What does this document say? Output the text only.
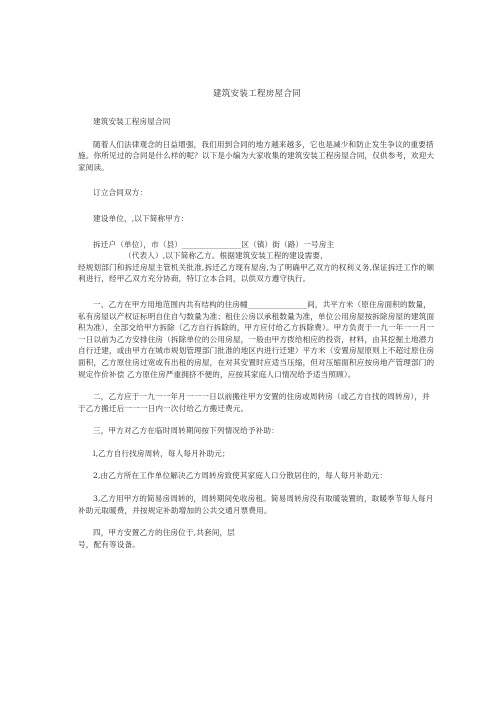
建筑安装工程房屋合同

建筑安装工程房屋合同

随着人们法律观念的日益增强，我们用到合同的地方越来越多，它也是减少和防止发生争议的重要措施。你所见过的合同是什么样的呢？以下是小编为大家收集的建筑安装工程房屋合同，仅供参考，欢迎大家阅读。

订立合同双方：

建设单位，,以下简称甲方：

拆迁户（单位），市（县）_______________区（镇）街（路）一号房主

（代表人）,以下简称乙方。根据建筑安装工程的建设需要，

经规划部门和拆迁房屋主管机关批准,拆迁乙方现有屋房,为了明确甲乙双方的权利义务,保证拆迁工作的顺利进行，经甲乙双方充分协商，特订立本合同，以供双方遵守执行。

一、乙方在甲方用地范围内共有结构的住房幢_______________间，共平方米（原住房面积的数量，私有房屋以产权证标明自住自勺数量为准；租住公房以承租数量为准，单位公用房屋按拆除房屋的建筑面积为准），全部交给甲方拆除（乙方自行拆除的，甲方应付给乙方拆除费）。甲方负责于一九一年一一月一一日以前为乙方安排住房（拆除单位的公用房屋，一般由甲方拨给相应的投资，材料，由其挖掘土地潜力自行迁建，或由甲方在城市规划管理部门批准的地区内进行迁建）平方米（安置房屋原则上不超过原住房面积，乙方原住房过宽或有出租的房屋，在对其安置时应适当压缩，但对压缩面积应按房地产管理部门的规定作价补偿 乙方原住房严重拥挤不便的，应按其家庭人口情况给予适当照顾）。

二，乙方应于一九一一年月一一一日以前搬往甲方安置的住房或周转房（或乙方自找的周转房），并于乙方搬迁后一一一日内一次付给乙方搬迁费元。

三，甲方对乙方在临时周转期间按下列情况给予补助：

l,乙方自行找房周转，每人每月补助元；

2,由乙方所在工作单位解决乙方周转房致使其家庭人口分散居住的，每人每月补助元：

3,乙方用甲方的简易房周转的，周转期间免收房租。简易周转房没有取暖装置的，取暖季节每人每月补助元取暖费，并按规定补助增加的公共交通月票费用。

四，甲方安置乙方的住房位于,共套间，层

号，配有等设备。
